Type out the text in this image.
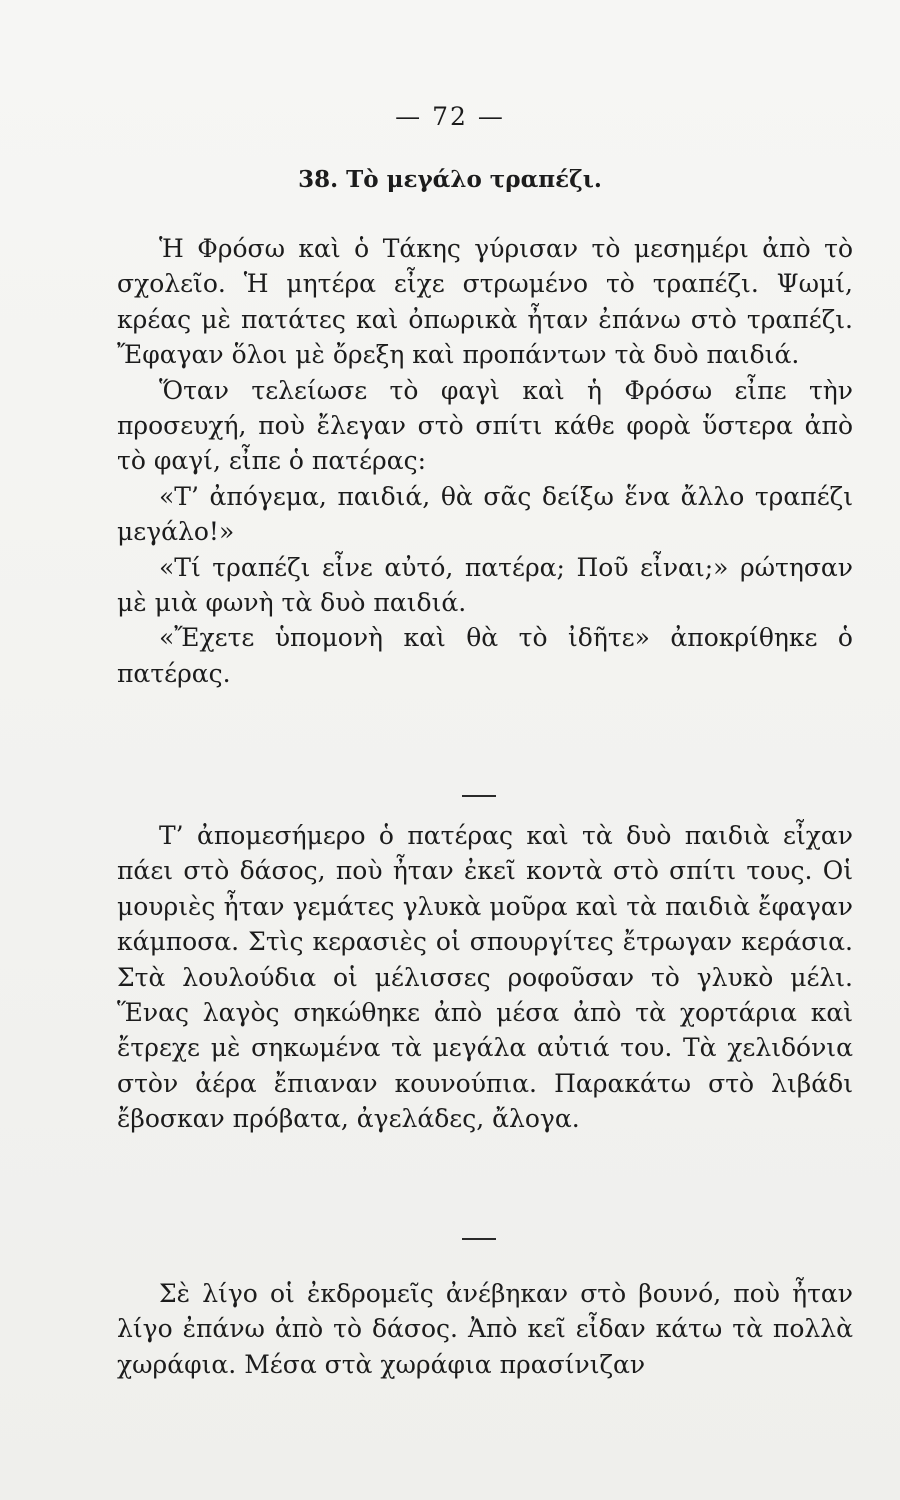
— 72 —
38. Τὸ μεγάλο τραπέζι.

Ἡ Φρόσω καὶ ὁ Τάκης γύρισαν τὸ μεσημέρι ἀπὸ τὸ σχολεῖο. Ἡ μητέρα εἶχε στρωμένο τὸ τραπέζι. Ψωμί, κρέας μὲ πατάτες καὶ ὀπωρικὰ ἦταν ἐπάνω στὸ τραπέζι. Ἔφαγαν ὅλοι μὲ ὄρεξη καὶ προπάντων τὰ δυὸ παιδιά.

Ὅταν τελείωσε τὸ φαγὶ καὶ ἡ Φρόσω εἶπε τὴν προσευχή, ποὺ ἔλεγαν στὸ σπίτι κάθε φορὰ ὕστερα ἀπὸ τὸ φαγί, εἶπε ὁ πατέρας:

«Τ’ ἀπόγεμα, παιδιά, θὰ σᾶς δείξω ἕνα ἄλλο τραπέζι μεγάλο!»

«Τί τραπέζι εἶνε αὐτό, πατέρα; Ποῦ εἶναι;» ρώτησαν μὲ μιὰ φωνὴ τὰ δυὸ παιδιά.

«Ἔχετε ὑπομονὴ καὶ θὰ τὸ ἰδῆτε» ἀποκρίθηκε ὁ πατέρας.

Τ’ ἀπομεσήμερο ὁ πατέρας καὶ τὰ δυὸ παιδιὰ εἶχαν πάει στὸ δάσος, ποὺ ἦταν ἐκεῖ κοντὰ στὸ σπίτι τους. Οἱ μουριὲς ἦταν γεμάτες γλυκὰ μοῦρα καὶ τὰ παιδιὰ ἔφαγαν κάμποσα. Στὶς κερασιὲς οἱ σπουργίτες ἔτρωγαν κεράσια. Στὰ λουλούδια οἱ μέλισσες ροφοῦσαν τὸ γλυκὸ μέλι. Ἕνας λαγὸς σηκώθηκε ἀπὸ μέσα ἀπὸ τὰ χορτάρια καὶ ἔτρεχε μὲ σηκωμένα τὰ μεγάλα αὐτιά του. Τὰ χελιδόνια στὸν ἀέρα ἔπιαναν κουνούπια. Παρακάτω στὸ λιβάδι ἔβοσκαν πρόβατα, ἀγελάδες, ἄλογα.

Σὲ λίγο οἱ ἐκδρομεῖς ἀνέβηκαν στὸ βουνό, ποὺ ἦταν λίγο ἐπάνω ἀπὸ τὸ δάσος. Ἀπὸ κεῖ εἶδαν κάτω τὰ πολλὰ χωράφια. Μέσα στὰ χωράφια πρασίνιζαν
